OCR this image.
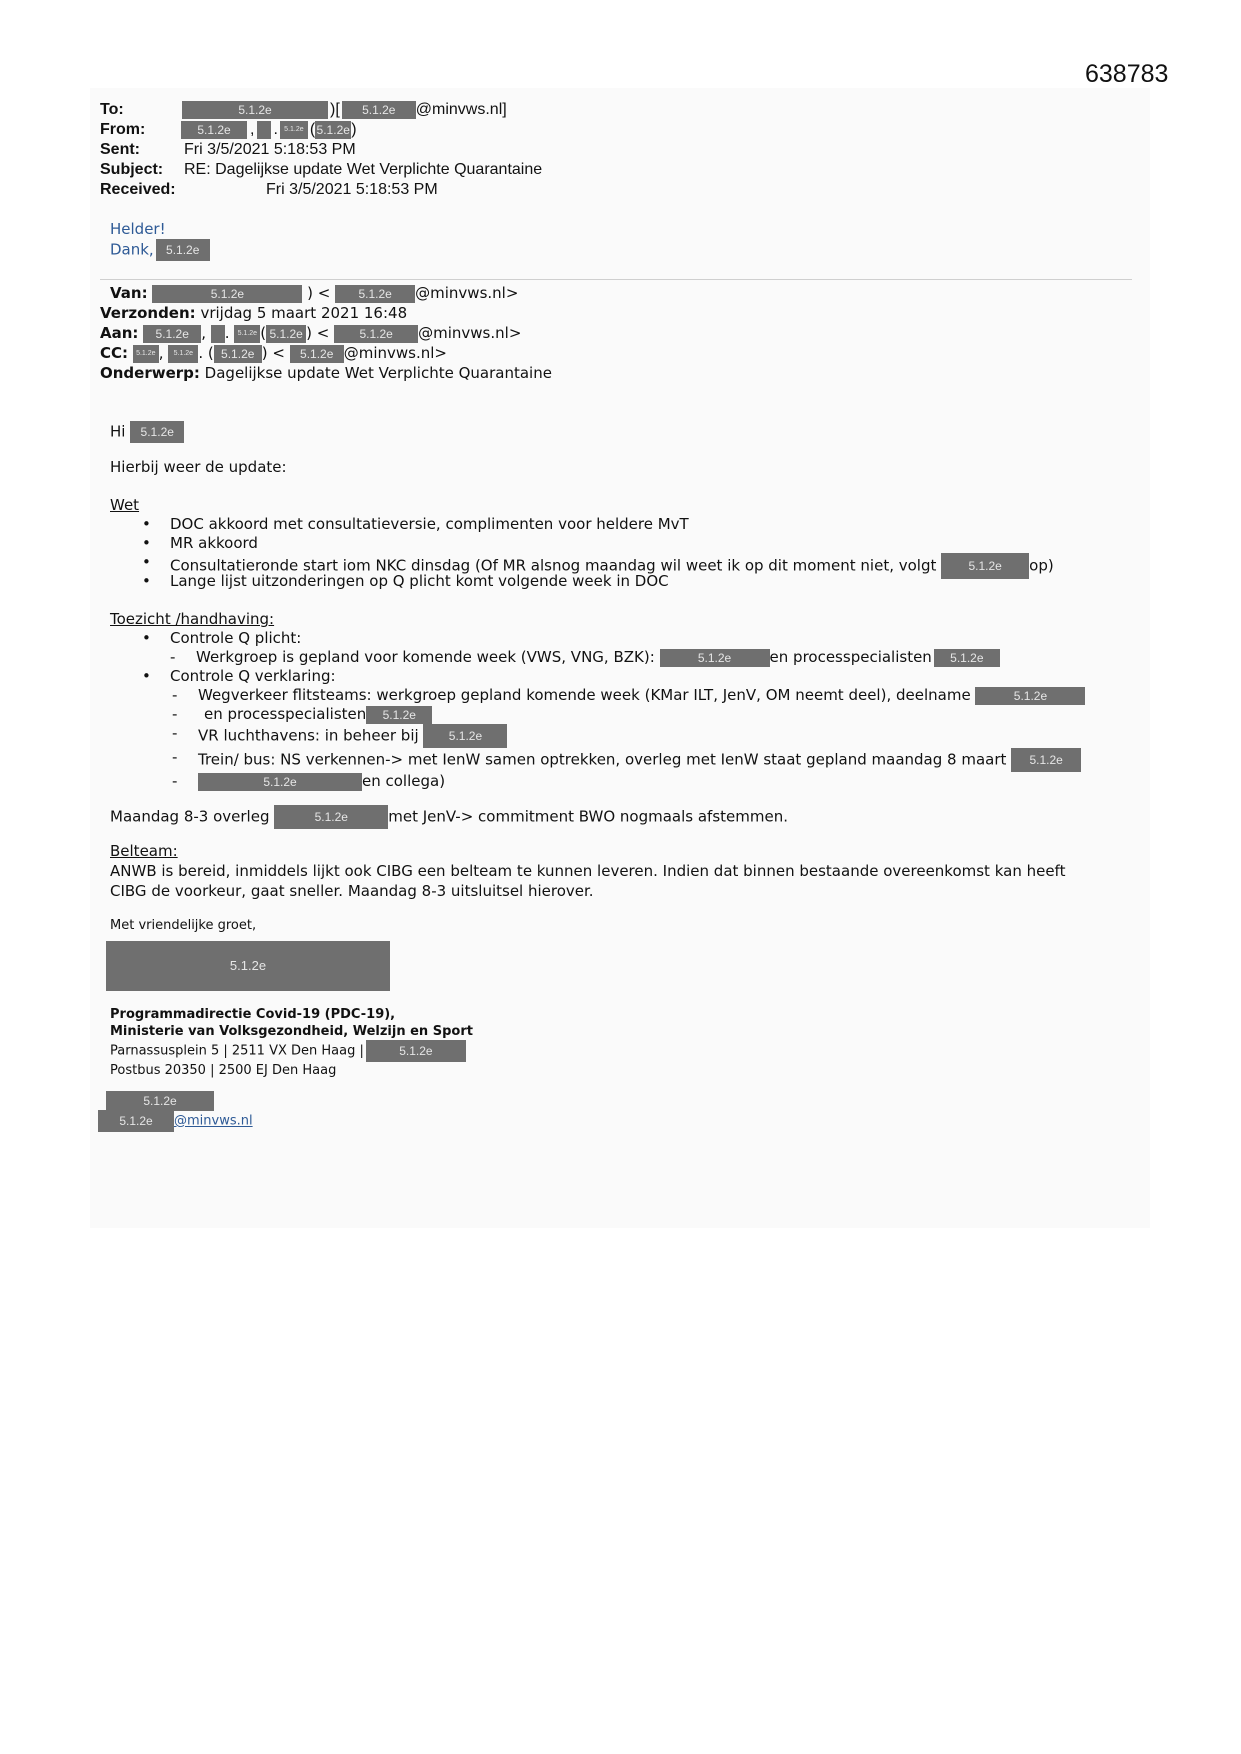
638783
To:	5.1.2e	)[ 5.1.2e @minvws.nl]
From:	5.1.2e , . 5.1.2e (5.1.2e)
Sent:	Fri 3/5/2021 5:18:53 PM
Subject: RE: Dagelijkse update Wet Verplichte Quarantaine
Received:	Fri 3/5/2021 5:18:53 PM
Helder!
Dank, 5.1.2e
Van:	5.1.2e	) < 5.1.2e @minvws.nl>
Verzonden: vrijdag 5 maart 2021 16:48
Aan: 5.1.2e , . 5.1.2e ( 5.1.2e ) < 5.1.2e @minvws.nl>
CC: 5.1.2e , 5.1.2e . ( 5.1.2e ) < 5.1.2e @minvws.nl>
Onderwerp: Dagelijkse update Wet Verplichte Quarantaine
Hi 5.1.2e
Hierbij weer de update:
Wet
• DOC akkoord met consultatieversie, complimenten voor heldere MvT
• MR akkoord
• Consultatieronde start iom NKC dinsdag (Of MR alsnog maandag wil weet ik op dit moment niet, volgt	5.1.2e op)
• Lange lijst uitzonderingen op Q plicht komt volgende week in DOC
Toezicht /handhaving:
• Controle Q plicht:
- Werkgroep is gepland voor komende week (VWS, VNG, BZK):	5.1.2e	en processpecialisten 5.1.2e
• Controle Q verklaring:
- Wegverkeer flitsteams: werkgroep gepland komende week (KMar ILT, JenV, OM neemt deel), deelname	5.1.2e
- en processpecialisten 5.1.2e
- VR luchthavens: in beheer bij	5.1.2e
- Trein/ bus: NS verkennen-> met IenW samen optrekken, overleg met IenW staat gepland maandag 8 maart 5.1.2e
- 5.1.2e	en collega)
Maandag 8-3 overleg	5.1.2e	met JenV-> commitment BWO nogmaals afstemmen.
Belteam:
ANWB is bereid, inmiddels lijkt ook CIBG een belteam te kunnen leveren. Indien dat binnen bestaande overeenkomst kan heeft
CIBG de voorkeur, gaat sneller. Maandag 8-3 uitsluitsel hierover.
Met vriendelijke groet,
5.1.2e
Programmadirectie Covid-19 (PDC-19),
Ministerie van Volksgezondheid, Welzijn en Sport
Parnassusplein 5 | 2511 VX Den Haag |	5.1.2e
Postbus 20350 | 2500 EJ Den Haag
5.1.2e
5.1.2e @minvws.nl
